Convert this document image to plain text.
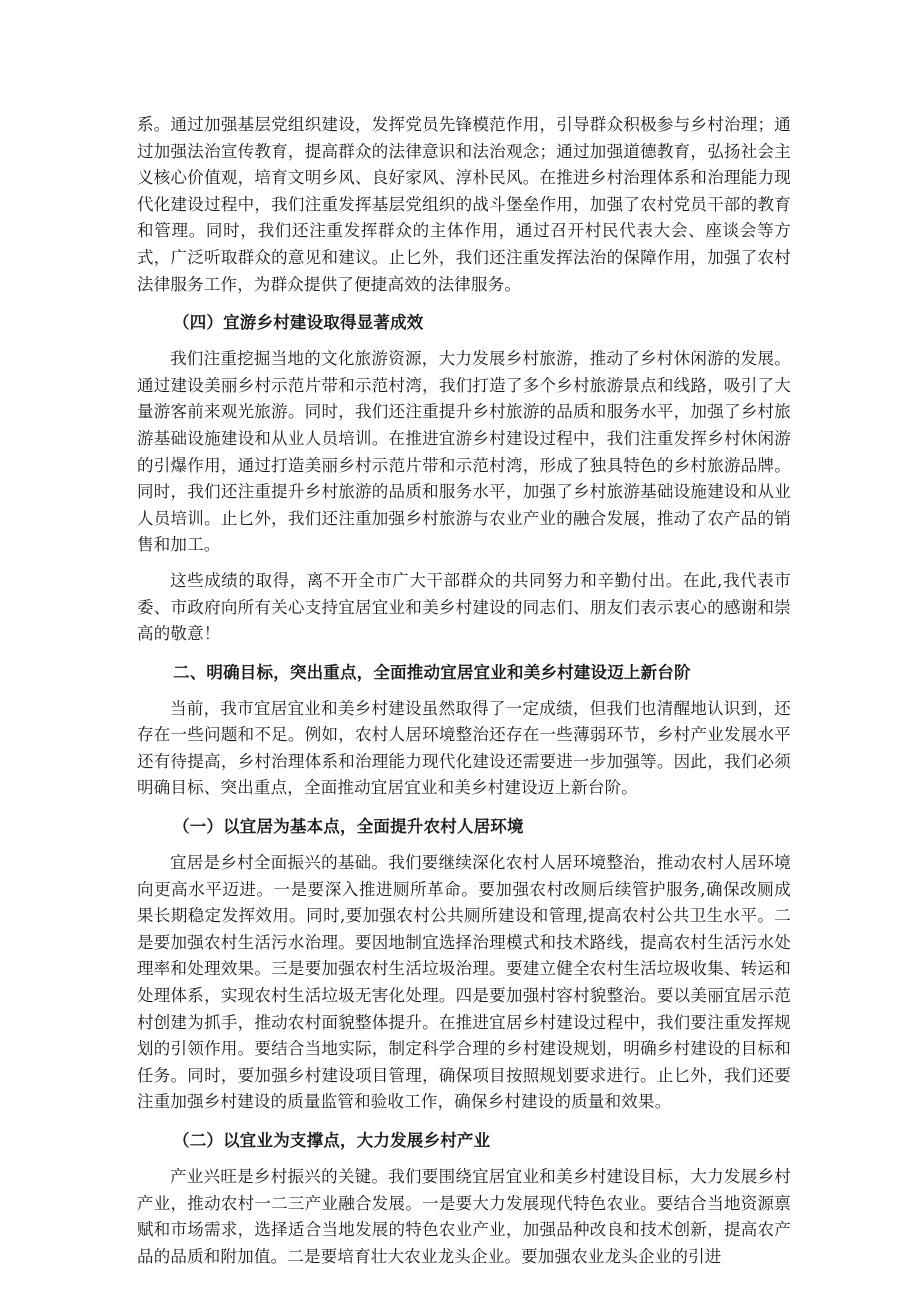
系。通过加强基层党组织建设，发挥党员先锋模范作用，引导群众积极参与乡村治理；通过加强法治宣传教育，提高群众的法律意识和法治观念；通过加强道德教育，弘扬社会主义核心价值观，培育文明乡风、良好家风、淳朴民风。在推进乡村治理体系和治理能力现代化建设过程中，我们注重发挥基层党组织的战斗堡垒作用，加强了农村党员干部的教育和管理。同时，我们还注重发挥群众的主体作用，通过召开村民代表大会、座谈会等方式，广泛听取群众的意见和建议。止匕外，我们还注重发挥法治的保障作用，加强了农村法律服务工作，为群众提供了便捷高效的法律服务。

（四）宜游乡村建设取得显著成效

我们注重挖掘当地的文化旅游资源，大力发展乡村旅游，推动了乡村休闲游的发展。通过建设美丽乡村示范片带和示范村湾，我们打造了多个乡村旅游景点和线路，吸引了大量游客前来观光旅游。同时，我们还注重提升乡村旅游的品质和服务水平，加强了乡村旅游基础设施建设和从业人员培训。在推进宜游乡村建设过程中，我们注重发挥乡村休闲游的引爆作用，通过打造美丽乡村示范片带和示范村湾，形成了独具特色的乡村旅游品牌。同时，我们还注重提升乡村旅游的品质和服务水平，加强了乡村旅游基础设施建设和从业人员培训。止匕外，我们还注重加强乡村旅游与农业产业的融合发展，推动了农产品的销售和加工。

这些成绩的取得，离不开全市广大干部群众的共同努力和辛勤付出。在此,我代表市委、市政府向所有关心支持宜居宜业和美乡村建设的同志们、朋友们表示衷心的感谢和崇高的敬意！

二、明确目标，突出重点，全面推动宜居宜业和美乡村建设迈上新台阶

当前，我市宜居宜业和美乡村建设虽然取得了一定成绩，但我们也清醒地认识到，还存在一些问题和不足。例如，农村人居环境整治还存在一些薄弱环节，乡村产业发展水平还有待提高，乡村治理体系和治理能力现代化建设还需要进一步加强等。因此，我们必须明确目标、突出重点，全面推动宜居宜业和美乡村建设迈上新台阶。

（一）以宜居为基本点，全面提升农村人居环境

宜居是乡村全面振兴的基础。我们要继续深化农村人居环境整治，推动农村人居环境向更高水平迈进。一是要深入推进厕所革命。要加强农村改厕后续管护服务,确保改厕成果长期稳定发挥效用。同时,要加强农村公共厕所建设和管理,提高农村公共卫生水平。二是要加强农村生活污水治理。要因地制宜选择治理模式和技术路线，提高农村生活污水处理率和处理效果。三是要加强农村生活垃圾治理。要建立健全农村生活垃圾收集、转运和处理体系，实现农村生活垃圾无害化处理。四是要加强村容村貌整治。要以美丽宜居示范村创建为抓手，推动农村面貌整体提升。在推进宜居乡村建设过程中，我们要注重发挥规划的引领作用。要结合当地实际，制定科学合理的乡村建设规划，明确乡村建设的目标和任务。同时，要加强乡村建设项目管理，确保项目按照规划要求进行。止匕外，我们还要注重加强乡村建设的质量监管和验收工作，确保乡村建设的质量和效果。

（二）以宜业为支撑点，大力发展乡村产业

产业兴旺是乡村振兴的关键。我们要围绕宜居宜业和美乡村建设目标，大力发展乡村产业，推动农村一二三产业融合发展。一是要大力发展现代特色农业。要结合当地资源禀赋和市场需求，选择适合当地发展的特色农业产业，加强品种改良和技术创新，提高农产品的品质和附加值。二是要培育壮大农业龙头企业。要加强农业龙头企业的引进
